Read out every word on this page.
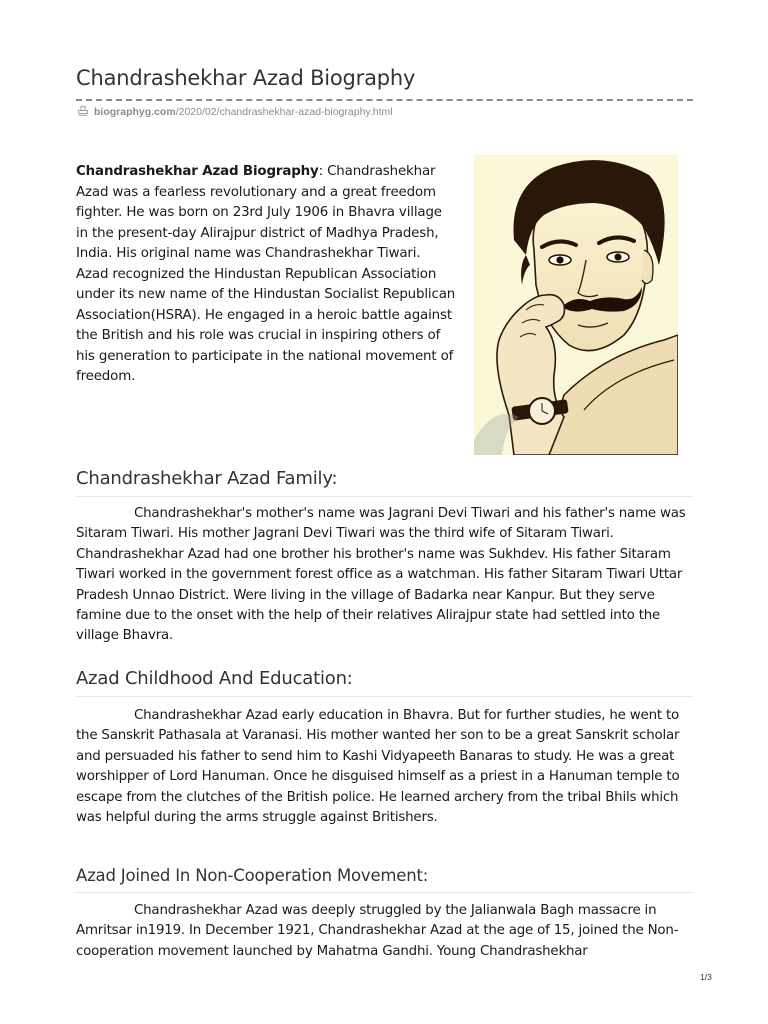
Chandrashekhar Azad Biography
biographyg.com/2020/02/chandrashekhar-azad-biography.html

Chandrashekhar Azad Biography: Chandrashekhar Azad was a fearless revolutionary and a great freedom fighter. He was born on 23rd July 1906 in Bhavra village in the present-day Alirajpur district of Madhya Pradesh, India. His original name was Chandrashekhar Tiwari. Azad recognized the Hindustan Republican Association under its new name of the Hindustan Socialist Republican Association(HSRA). He engaged in a heroic battle against the British and his role was crucial in inspiring others of his generation to participate in the national movement of freedom.

Chandrashekhar Azad Family:

Chandrashekhar's mother's name was Jagrani Devi Tiwari and his father's name was Sitaram Tiwari. His mother Jagrani Devi Tiwari was the third wife of Sitaram Tiwari. Chandrashekhar Azad had one brother his brother's name was Sukhdev. His father Sitaram Tiwari worked in the government forest office as a watchman. His father Sitaram Tiwari Uttar Pradesh Unnao District. Were living in the village of Badarka near Kanpur. But they serve famine due to the onset with the help of their relatives Alirajpur state had settled into the village Bhavra.

Azad Childhood And Education:

Chandrashekhar Azad early education in Bhavra. But for further studies, he went to the Sanskrit Pathasala at Varanasi. His mother wanted her son to be a great Sanskrit scholar and persuaded his father to send him to Kashi Vidyapeeth Banaras to study. He was a great worshipper of Lord Hanuman. Once he disguised himself as a priest in a Hanuman temple to escape from the clutches of the British police. He learned archery from the tribal Bhils which was helpful during the arms struggle against Britishers.

Azad Joined In Non-Cooperation Movement:

Chandrashekhar Azad was deeply struggled by the Jalianwala Bagh massacre in Amritsar in1919. In December 1921, Chandrashekhar Azad at the age of 15, joined the Non-cooperation movement launched by Mahatma Gandhi. Young Chandrashekhar

1/3
